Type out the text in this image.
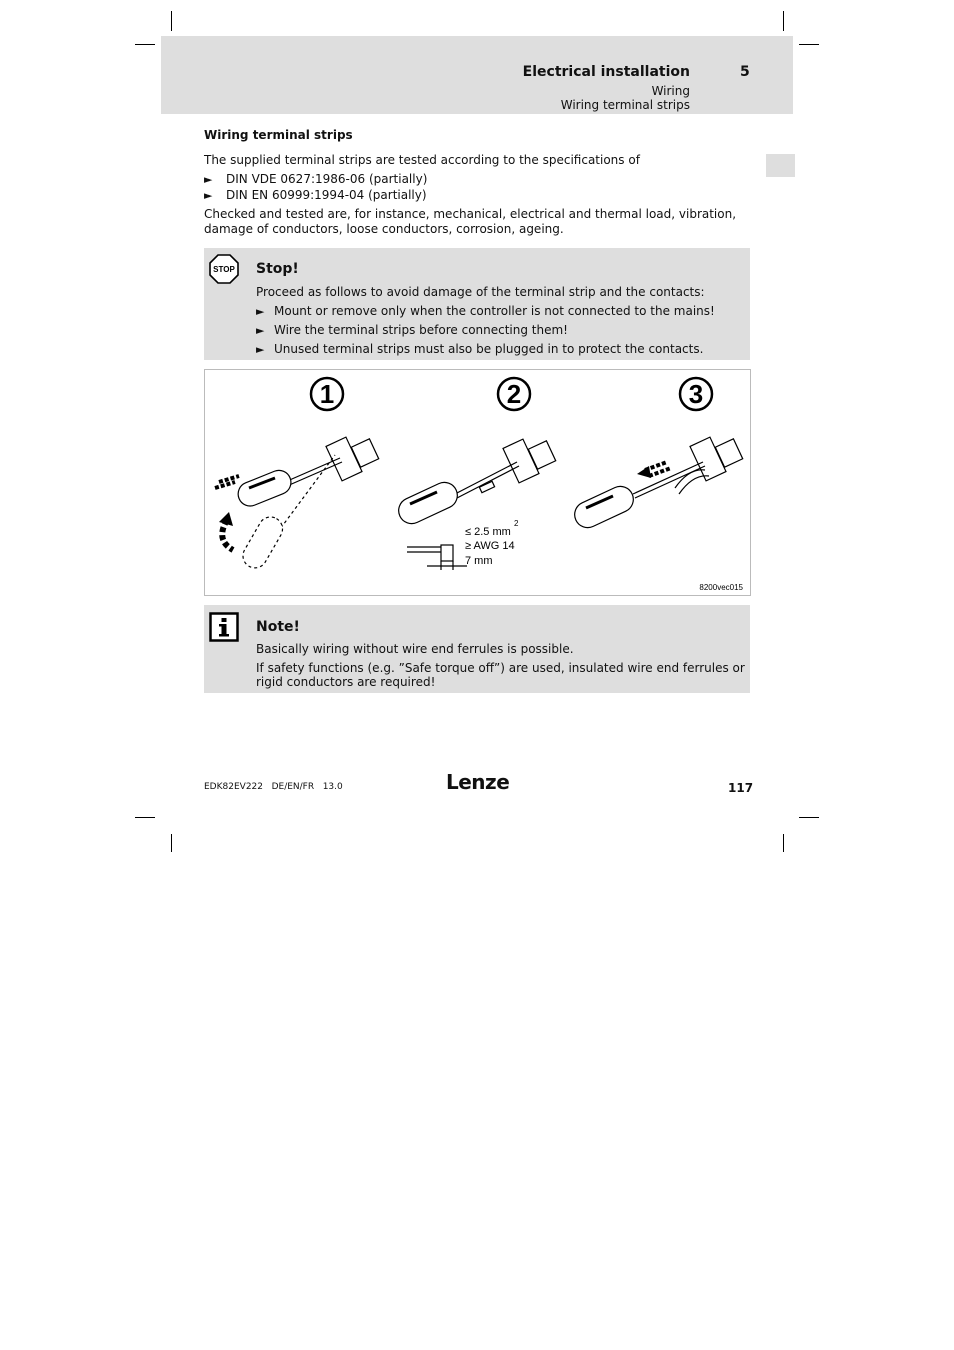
Electrical installation	5
Wiring
Wiring terminal strips
Wiring terminal strips
The supplied terminal strips are tested according to the specifications of
► DIN VDE 0627:1986-06 (partially)
► DIN EN 60999:1994-04 (partially)
Checked and tested are, for instance, mechanical, electrical and thermal load, vibration, damage of conductors, loose conductors, corrosion, ageing.
STOP Stop!
Proceed as follows to avoid damage of the terminal strip and the contacts:
► Mount or remove only when the controller is not connected to the mains!
► Wire the terminal strips before connecting them!
► Unused terminal strips must also be plugged in to protect the contacts.
1	2	3
≤ 2.5 mm
2
≥ AWG 14
7 mm
8200vec015
Note!
Basically wiring without wire end ferrules is possible.
If safety functions (e.g. ”Safe torque off”) are used, insulated wire end ferrules or rigid conductors are required!
EDK82EV222   DE/EN/FR   13.0	Lenze	117
